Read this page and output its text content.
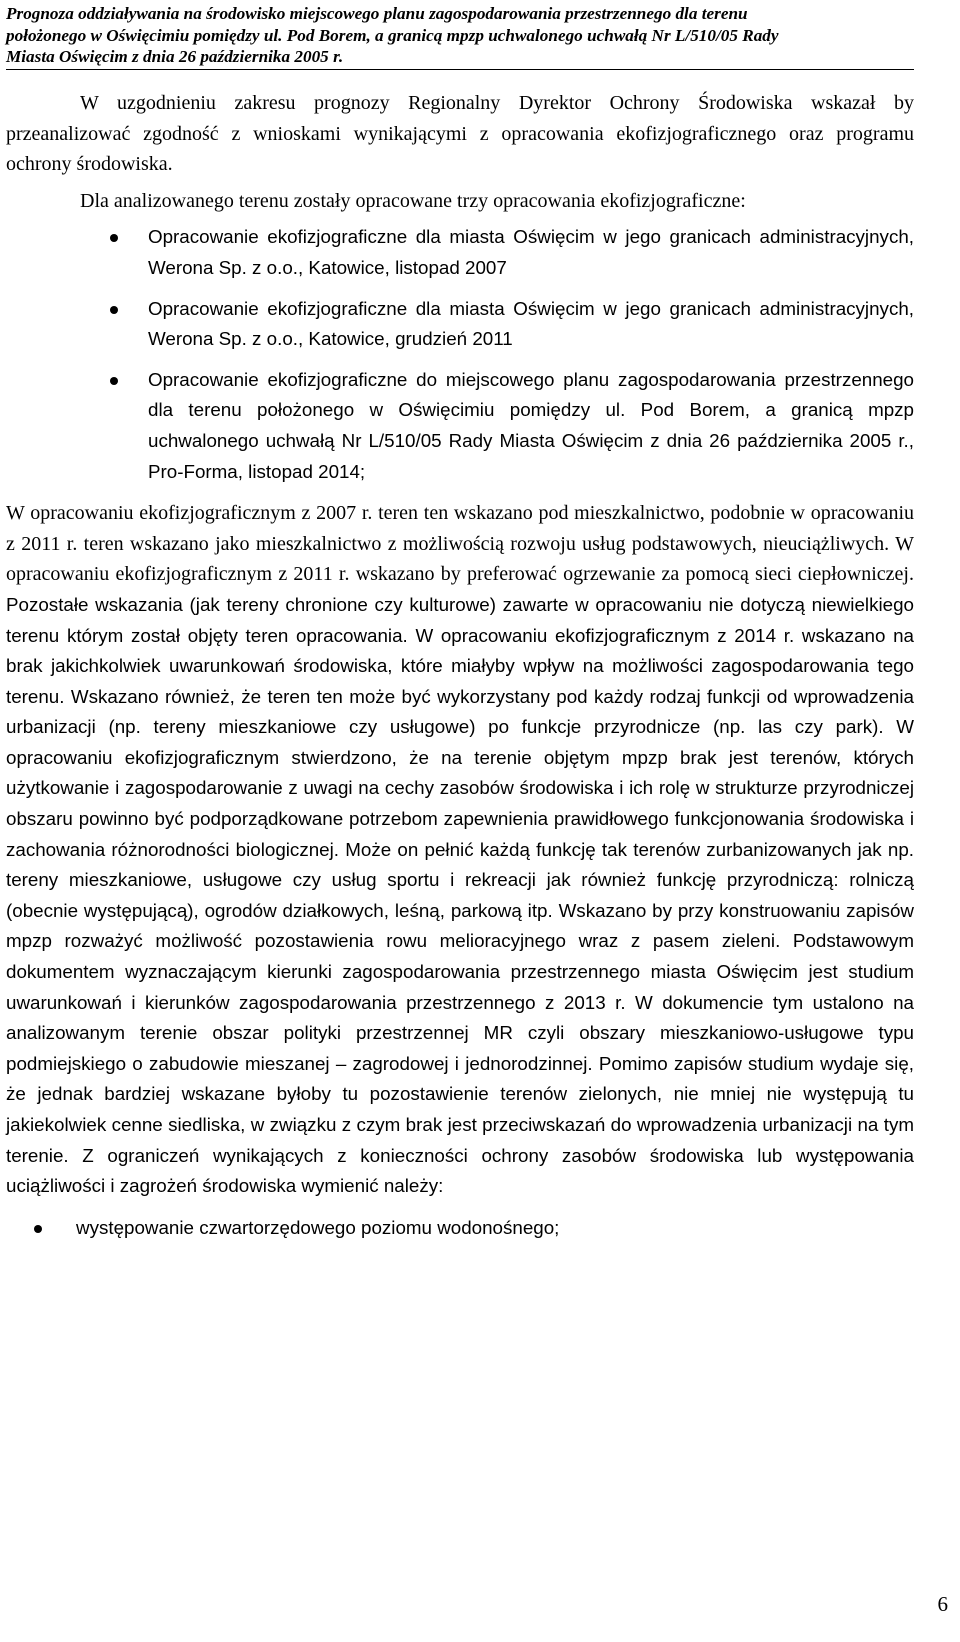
Prognoza oddziaływania na środowisko miejscowego planu zagospodarowania przestrzennego dla terenu
położonego w Oświęcimiu pomiędzy ul. Pod Borem, a granicą mpzp uchwalonego uchwałą Nr L/510/05 Rady
Miasta Oświęcim z dnia 26 października 2005 r.

W uzgodnieniu zakresu prognozy Regionalny Dyrektor Ochrony Środowiska wskazał by przeanalizować zgodność z wnioskami wynikającymi z opracowania ekofizjograficznego oraz programu ochrony środowiska.

Dla analizowanego terenu zostały opracowane trzy opracowania ekofizjograficzne:

Opracowanie ekofizjograficzne dla miasta Oświęcim w jego granicach administracyjnych, Werona Sp. z o.o., Katowice, listopad 2007
Opracowanie ekofizjograficzne dla miasta Oświęcim w jego granicach administracyjnych, Werona Sp. z o.o., Katowice, grudzień 2011
Opracowanie ekofizjograficzne do miejscowego planu zagospodarowania przestrzennego dla terenu położonego w Oświęcimiu pomiędzy ul. Pod Borem, a granicą mpzp uchwalonego uchwałą Nr L/510/05 Rady Miasta Oświęcim z dnia 26 października 2005 r., Pro-Forma, listopad 2014;

W opracowaniu ekofizjograficznym z 2007 r. teren ten wskazano pod mieszkalnictwo, podobnie w opracowaniu z 2011 r. teren wskazano jako mieszkalnictwo z możliwością rozwoju usług podstawowych, nieuciążliwych. W opracowaniu ekofizjograficznym z 2011 r. wskazano by preferować ogrzewanie za pomocą sieci ciepłowniczej. Pozostałe wskazania (jak tereny chronione czy kulturowe) zawarte w opracowaniu nie dotyczą niewielkiego terenu którym został objęty teren opracowania. W opracowaniu ekofizjograficznym z 2014 r. wskazano na brak jakichkolwiek uwarunkowań środowiska, które miałyby wpływ na możliwości zagospodarowania tego terenu. Wskazano również, że teren ten może być wykorzystany pod każdy rodzaj funkcji od wprowadzenia urbanizacji (np. tereny mieszkaniowe czy usługowe) po funkcje przyrodnicze (np. las czy park). W opracowaniu ekofizjograficznym stwierdzono, że na terenie objętym mpzp brak jest terenów, których użytkowanie i zagospodarowanie z uwagi na cechy zasobów środowiska i ich rolę w strukturze przyrodniczej obszaru powinno być podporządkowane potrzebom zapewnienia prawidłowego funkcjonowania środowiska i zachowania różnorodności biologicznej. Może on pełnić każdą funkcję tak terenów zurbanizowanych jak np. tereny mieszkaniowe, usługowe czy usług sportu i rekreacji jak również funkcję przyrodniczą: rolniczą (obecnie występującą), ogrodów działkowych, leśną, parkową itp. Wskazano by przy konstruowaniu zapisów mpzp rozważyć możliwość pozostawienia rowu melioracyjnego wraz z pasem zieleni. Podstawowym dokumentem wyznaczającym kierunki zagospodarowania przestrzennego miasta Oświęcim jest studium uwarunkowań i kierunków zagospodarowania przestrzennego z 2013 r. W dokumencie tym ustalono na analizowanym terenie obszar polityki przestrzennej MR czyli obszary mieszkaniowo-usługowe typu podmiejskiego o zabudowie mieszanej – zagrodowej i jednorodzinnej. Pomimo zapisów studium wydaje się, że jednak bardziej wskazane byłoby tu pozostawienie terenów zielonych, nie mniej nie występują tu jakiekolwiek cenne siedliska, w związku z czym brak jest przeciwskazań do wprowadzenia urbanizacji na tym terenie. Z ograniczeń wynikających z konieczności ochrony zasobów środowiska lub występowania uciążliwości i zagrożeń środowiska wymienić należy:

występowanie czwartorzędowego poziomu wodonośnego;
6
